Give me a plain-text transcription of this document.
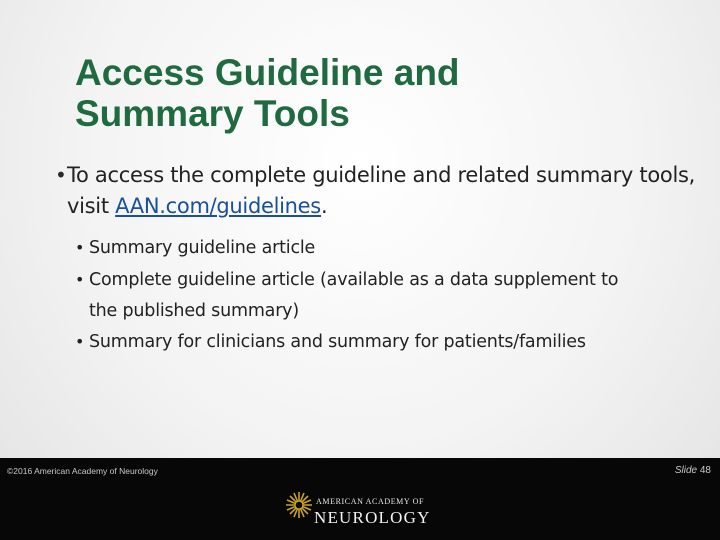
Access Guideline and
Summary Tools
• To access the complete guideline and related summary tools, visit AAN.com/guidelines.
• Summary guideline article
• Complete guideline article (available as a data supplement to
the published summary)
• Summary for clinicians and summary for patients/families
©2016 American Academy of Neurology	Slide 48
AMERICAN ACADEMY OF
NEUROLOGY
